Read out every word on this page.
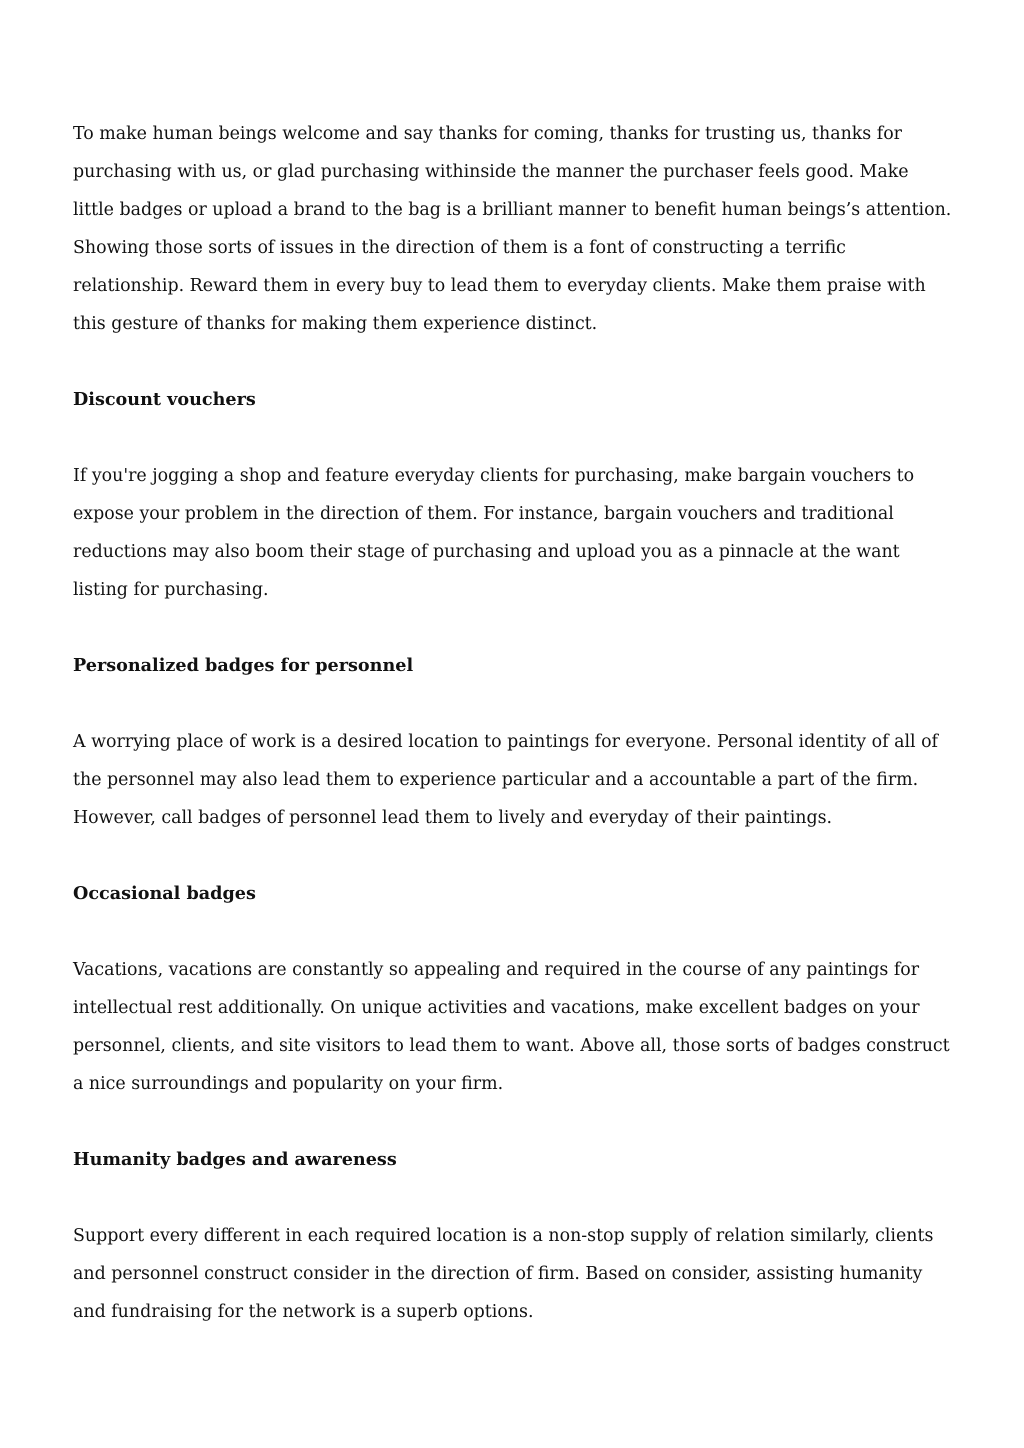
To make human beings welcome and say thanks for coming, thanks for trusting us, thanks for purchasing with us, or glad purchasing withinside the manner the purchaser feels good. Make little badges or upload a brand to the bag is a brilliant manner to benefit human beings’s attention. Showing those sorts of issues in the direction of them is a font of constructing a terrific relationship. Reward them in every buy to lead them to everyday clients. Make them praise with this gesture of thanks for making them experience distinct.

Discount vouchers

If you're jogging a shop and feature everyday clients for purchasing, make bargain vouchers to expose your problem in the direction of them. For instance, bargain vouchers and traditional reductions may also boom their stage of purchasing and upload you as a pinnacle at the want listing for purchasing.

Personalized badges for personnel

A worrying place of work is a desired location to paintings for everyone. Personal identity of all of the personnel may also lead them to experience particular and a accountable a part of the firm. However, call badges of personnel lead them to lively and everyday of their paintings.

Occasional badges

Vacations, vacations are constantly so appealing and required in the course of any paintings for intellectual rest additionally. On unique activities and vacations, make excellent badges on your personnel, clients, and site visitors to lead them to want. Above all, those sorts of badges construct a nice surroundings and popularity on your firm.

Humanity badges and awareness

Support every different in each required location is a non-stop supply of relation similarly, clients and personnel construct consider in the direction of firm. Based on consider, assisting humanity and fundraising for the network is a superb options.
